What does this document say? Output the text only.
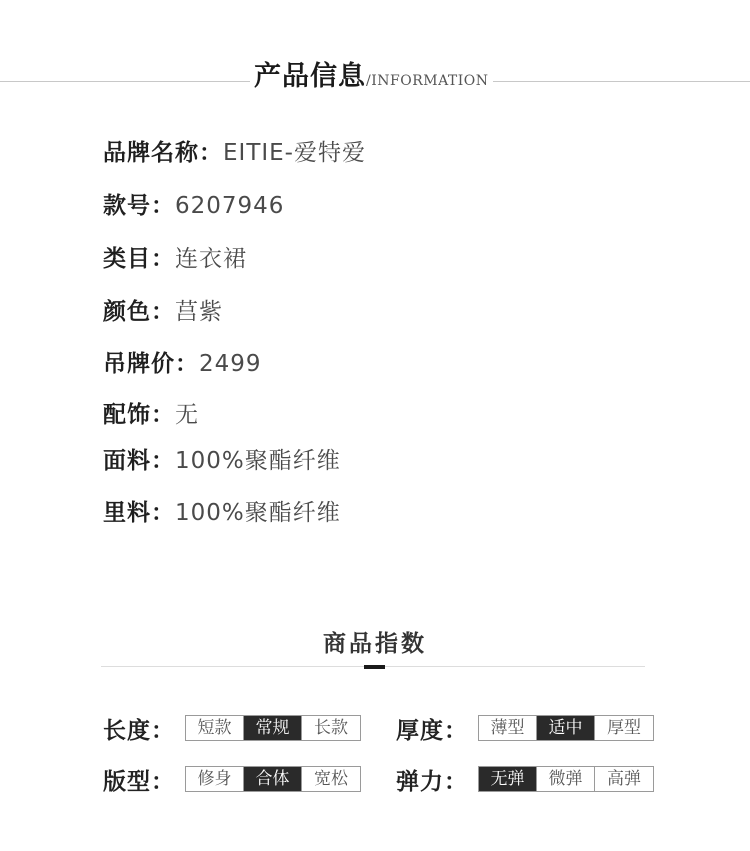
产品信息/INFORMATION
品牌名称：EITIE-爱特爱
款号：6207946
类目：连衣裙
颜色：莒紫
吊牌价：2499
配饰：无
面料：100%聚酯纤维
里料：100%聚酯纤维
商品指数
长度：	短款	常规	长款	厚度：	薄型	适中	厚型
版型：	修身	合体	宽松	弹力：	无弹	微弹	高弹
